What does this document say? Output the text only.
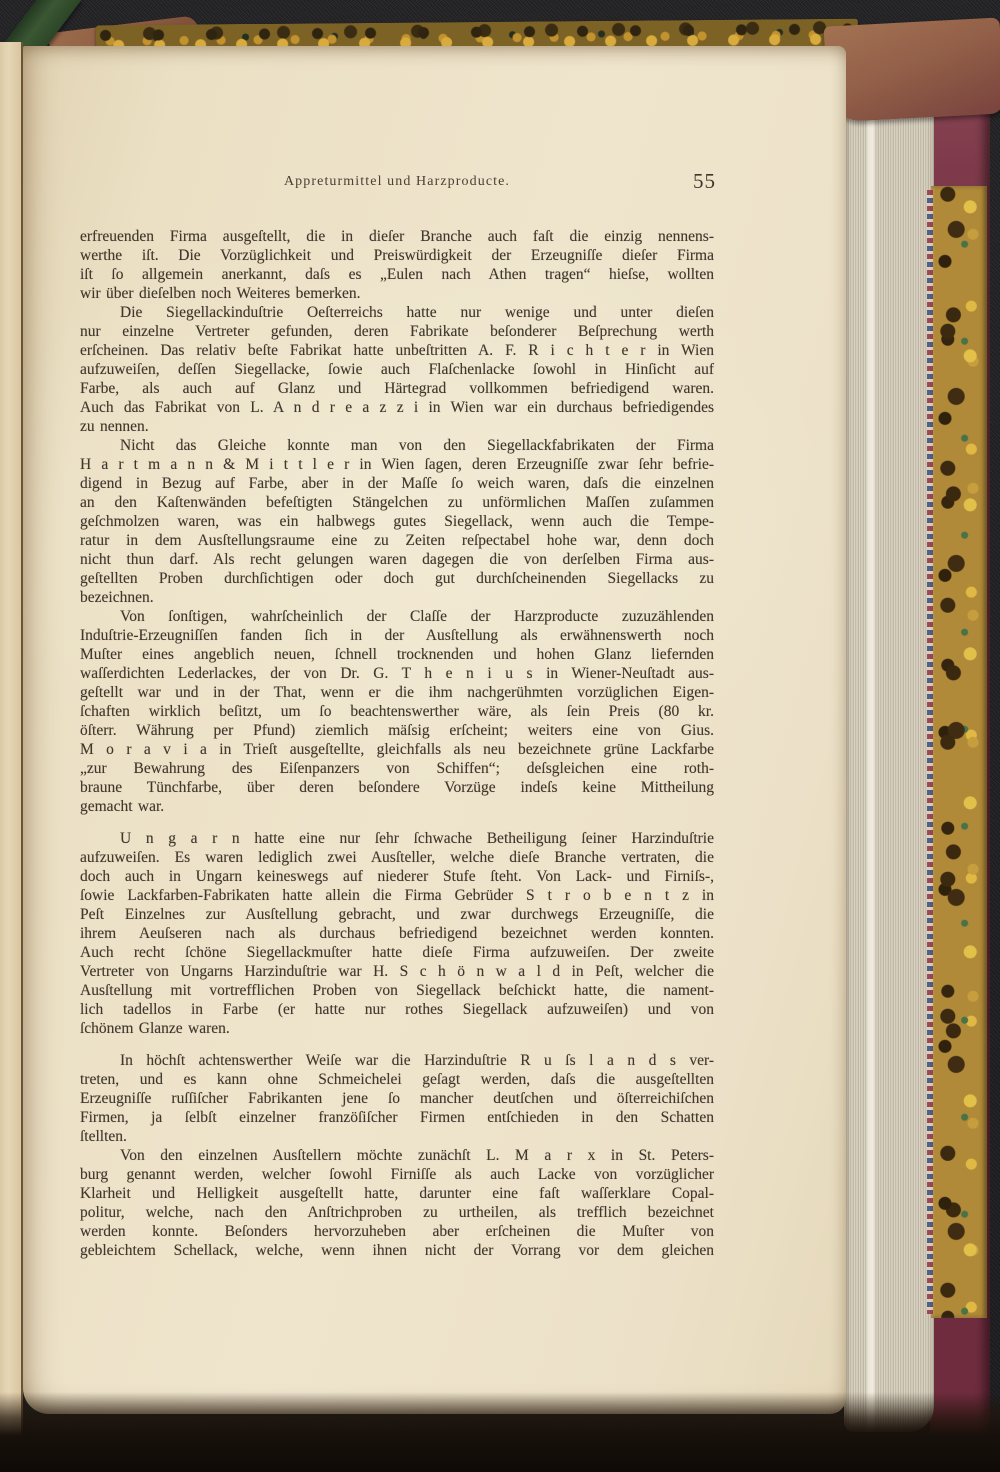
Appreturmittel und Harzproducte.	55
erfreuenden Firma ausgeſtellt, die in dieſer Branche auch faſt die einzig nennens-
werthe iſt. Die Vorzüglichkeit und Preiswürdigkeit der Erzeugniſſe dieſer Firma
iſt ſo allgemein anerkannt, daſs es „Eulen nach Athen tragen“ hieſse, wollten
wir über dieſelben noch Weiteres bemerken.
Die Siegellackinduſtrie Oeſterreichs hatte nur wenige und unter dieſen
nur einzelne Vertreter gefunden, deren Fabrikate beſonderer Beſprechung werth
erſcheinen. Das relativ beſte Fabrikat hatte unbeſtritten A. F. R i c h t e r in Wien
aufzuweiſen, deſſen Siegellacke, ſowie auch Flaſchenlacke ſowohl in Hinſicht auf
Farbe, als auch auf Glanz und Härtegrad vollkommen befriedigend waren.
Auch das Fabrikat von L. A n d r e a z z i in Wien war ein durchaus befriedigendes
zu nennen.
Nicht das Gleiche konnte man von den Siegellackfabrikaten der Firma
H a r t m a n n & M i t t l e r in Wien ſagen, deren Erzeugniſſe zwar ſehr befrie-
digend in Bezug auf Farbe, aber in der Maſſe ſo weich waren, daſs die einzelnen
an den Kaſtenwänden befeſtigten Stängelchen zu unförmlichen Maſſen zuſammen
geſchmolzen waren, was ein halbwegs gutes Siegellack, wenn auch die Tempe-
ratur in dem Ausſtellungsraume eine zu Zeiten reſpectabel hohe war, denn doch
nicht thun darf. Als recht gelungen waren dagegen die von derſelben Firma aus-
geſtellten Proben durchſichtigen oder doch gut durchſcheinenden Siegellacks zu
bezeichnen.
Von ſonſtigen, wahrſcheinlich der Claſſe der Harzproducte zuzuzählenden
Induſtrie-Erzeugniſſen fanden ſich in der Ausſtellung als erwähnenswerth noch
Muſter eines angeblich neuen, ſchnell trocknenden und hohen Glanz liefernden
waſſerdichten Lederlackes, der von Dr. G. T h e n i u s in Wiener-Neuſtadt aus-
geſtellt war und in der That, wenn er die ihm nachgerühmten vorzüglichen Eigen-
ſchaften wirklich beſitzt, um ſo beachtenswerther wäre, als ſein Preis (80 kr.
öſterr. Währung per Pfund) ziemlich mäſsig erſcheint; weiters eine von Gius.
M o r a v i a in Trieſt ausgeſtellte, gleichfalls als neu bezeichnete grüne Lackfarbe
„zur Bewahrung des Eiſenpanzers von Schiffen“; deſsgleichen eine roth-
braune Tünchfarbe, über deren beſondere Vorzüge indeſs keine Mittheilung
gemacht war.
U n g a r n hatte eine nur ſehr ſchwache Betheiligung ſeiner Harzinduſtrie
aufzuweiſen. Es waren lediglich zwei Ausſteller, welche dieſe Branche vertraten, die
doch auch in Ungarn keineswegs auf niederer Stufe ſteht. Von Lack- und Firniſs-,
ſowie Lackfarben-Fabrikaten hatte allein die Firma Gebrüder S t r o b e n t z in
Peſt Einzelnes zur Ausſtellung gebracht, und zwar durchwegs Erzeugniſſe, die
ihrem Aeuſseren nach als durchaus befriedigend bezeichnet werden konnten.
Auch recht ſchöne Siegellackmuſter hatte dieſe Firma aufzuweiſen. Der zweite
Vertreter von Ungarns Harzinduſtrie war H. S c h ö n w a l d in Peſt, welcher die
Ausſtellung mit vortrefflichen Proben von Siegellack beſchickt hatte, die nament-
lich tadellos in Farbe (er hatte nur rothes Siegellack aufzuweiſen) und von
ſchönem Glanze waren.
In höchſt achtenswerther Weiſe war die Harzinduſtrie R u ſs l a n d s ver-
treten, und es kann ohne Schmeichelei geſagt werden, daſs die ausgeſtellten
Erzeugniſſe ruſſiſcher Fabrikanten jene ſo mancher deutſchen und öſterreichiſchen
Firmen, ja ſelbſt einzelner franzöſiſcher Firmen entſchieden in den Schatten
ſtellten.
Von den einzelnen Ausſtellern möchte zunächſt L. M a r x in St. Peters-
burg genannt werden, welcher ſowohl Firniſſe als auch Lacke von vorzüglicher
Klarheit und Helligkeit ausgeſtellt hatte, darunter eine faſt waſſerklare Copal-
politur, welche, nach den Anſtrichproben zu urtheilen, als trefflich bezeichnet
werden konnte. Beſonders hervorzuheben aber erſcheinen die Muſter von
gebleichtem Schellack, welche, wenn ihnen nicht der Vorrang vor dem gleichen
